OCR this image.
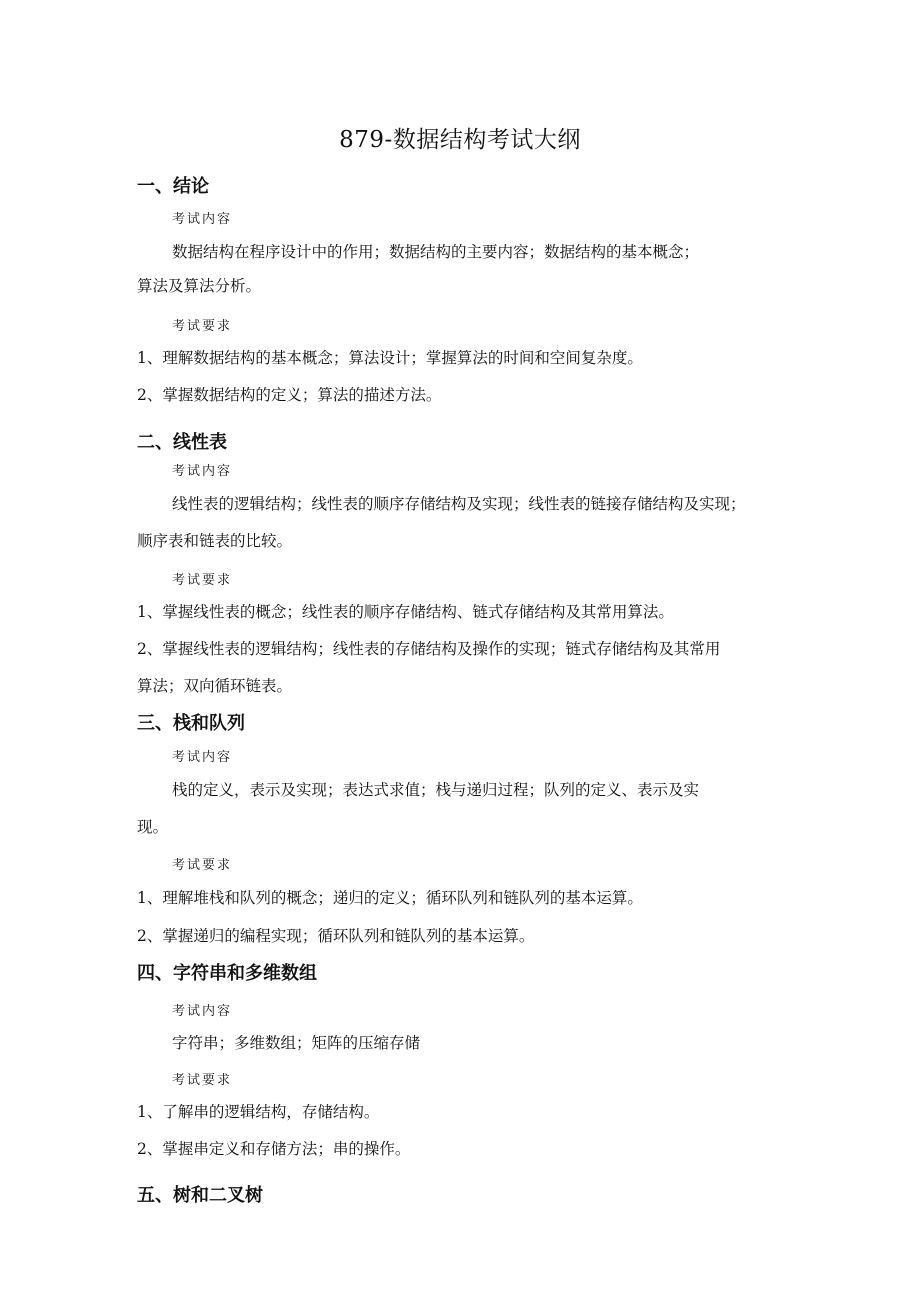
879-数据结构考试大纲
一、结论
考试内容
数据结构在程序设计中的作用；数据结构的主要内容；数据结构的基本概念；
算法及算法分析。
考试要求
1、理解数据结构的基本概念；算法设计；掌握算法的时间和空间复杂度。
2、掌握数据结构的定义；算法的描述方法。
二、线性表
考试内容
线性表的逻辑结构；线性表的顺序存储结构及实现；线性表的链接存储结构及实现；
顺序表和链表的比较。
考试要求
1、掌握线性表的概念；线性表的顺序存储结构、链式存储结构及其常用算法。
2、掌握线性表的逻辑结构；线性表的存储结构及操作的实现；链式存储结构及其常用
算法；双向循环链表。
三、栈和队列
考试内容
栈的定义，表示及实现；表达式求值；栈与递归过程；队列的定义、表示及实
现。
考试要求
1、理解堆栈和队列的概念；递归的定义；循环队列和链队列的基本运算。
2、掌握递归的编程实现；循环队列和链队列的基本运算。
四、字符串和多维数组
考试内容
字符串；多维数组；矩阵的压缩存储
考试要求
1、了解串的逻辑结构，存储结构。
2、掌握串定义和存储方法；串的操作。
五、树和二叉树
